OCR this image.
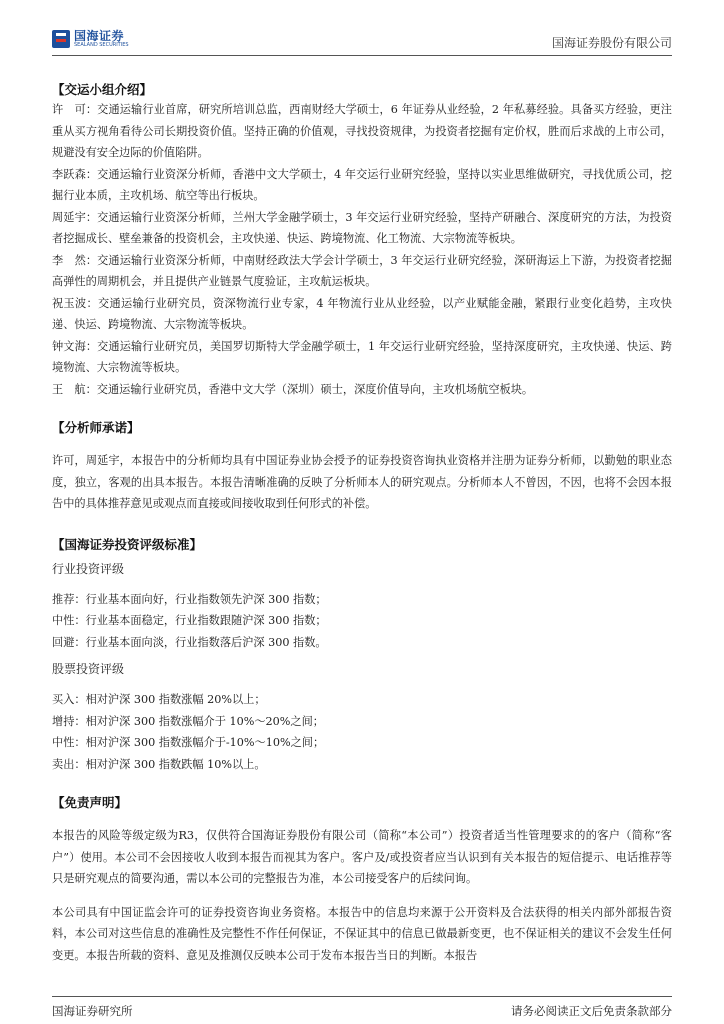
国海证券
SEALAND SECURITIES	国海证券股份有限公司
【交运小组介绍】

许　可：交通运输行业首席，研究所培训总监，西南财经大学硕士，6 年证券从业经验，2 年私募经验。具备买方经验，更注重从买方视角看待公司长期投资价值。坚持正确的价值观，寻找投资规律，为投资者挖掘有定价权，胜而后求战的上市公司，规避没有安全边际的价值陷阱。

李跃森：交通运输行业资深分析师，香港中文大学硕士，4 年交运行业研究经验，坚持以实业思维做研究，寻找优质公司，挖掘行业本质，主攻机场、航空等出行板块。

周延宇：交通运输行业资深分析师，兰州大学金融学硕士，3 年交运行业研究经验，坚持产研融合、深度研究的方法，为投资者挖掘成长、壁垒兼备的投资机会，主攻快递、快运、跨境物流、化工物流、大宗物流等板块。

李　然：交通运输行业资深分析师，中南财经政法大学会计学硕士，3 年交运行业研究经验，深研海运上下游，为投资者挖掘高弹性的周期机会，并且提供产业链景气度验证，主攻航运板块。

祝玉波：交通运输行业研究员，资深物流行业专家，4 年物流行业从业经验，以产业赋能金融，紧跟行业变化趋势，主攻快递、快运、跨境物流、大宗物流等板块。

钟文海：交通运输行业研究员，美国罗切斯特大学金融学硕士，1 年交运行业研究经验，坚持深度研究，主攻快递、快运、跨境物流、大宗物流等板块。

王　航：交通运输行业研究员，香港中文大学（深圳）硕士，深度价值导向，主攻机场航空板块。

【分析师承诺】

许可，周延宇，本报告中的分析师均具有中国证券业协会授予的证券投资咨询执业资格并注册为证券分析师，以勤勉的职业态度，独立，客观的出具本报告。本报告清晰准确的反映了分析师本人的研究观点。分析师本人不曾因，不因，也将不会因本报告中的具体推荐意见或观点而直接或间接收取到任何形式的补偿。

【国海证券投资评级标准】
行业投资评级

推荐：行业基本面向好，行业指数领先沪深 300 指数；

中性：行业基本面稳定，行业指数跟随沪深 300 指数；

回避：行业基本面向淡，行业指数落后沪深 300 指数。

股票投资评级

买入：相对沪深 300 指数涨幅 20%以上；

增持：相对沪深 300 指数涨幅介于 10%～20%之间；

中性：相对沪深 300 指数涨幅介于-10%～10%之间；

卖出：相对沪深 300 指数跌幅 10%以上。

【免责声明】

本报告的风险等级定级为R3，仅供符合国海证券股份有限公司（简称“本公司”）投资者适当性管理要求的的客户（简称“客户”）使用。本公司不会因接收人收到本报告而视其为客户。客户及/或投资者应当认识到有关本报告的短信提示、电话推荐等只是研究观点的简要沟通，需以本公司的完整报告为准，本公司接受客户的后续问询。

本公司具有中国证监会许可的证券投资咨询业务资格。本报告中的信息均来源于公开资料及合法获得的相关内部外部报告资料，本公司对这些信息的准确性及完整性不作任何保证，不保证其中的信息已做最新变更，也不保证相关的建议不会发生任何变更。本报告所载的资料、意见及推测仅反映本公司于发布本报告当日的判断。本报告

国海证券研究所	请务必阅读正文后免责条款部分
